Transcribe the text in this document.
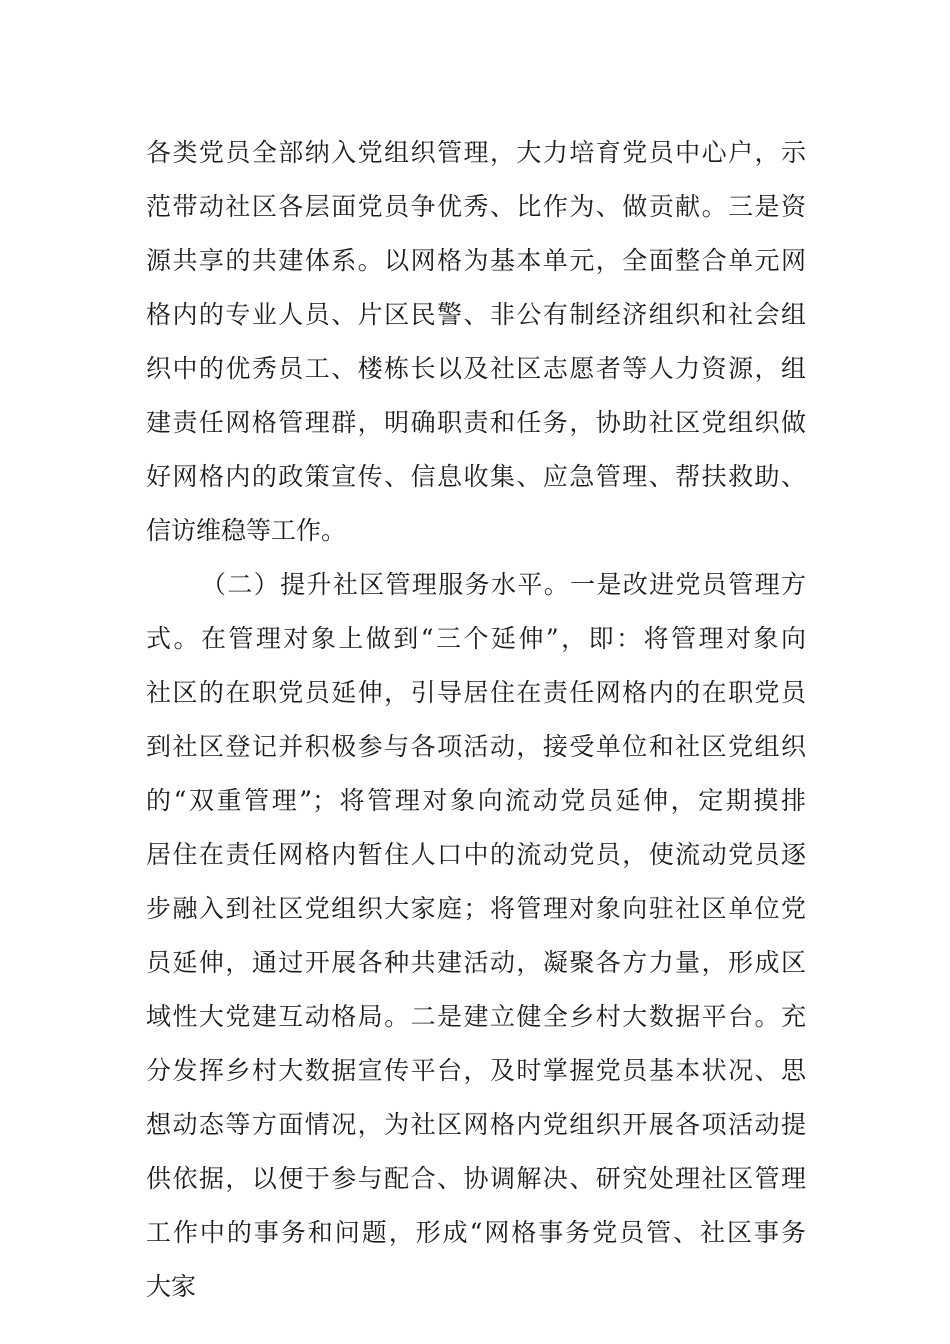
各类党员全部纳入党组织管理，大力培育党员中心户，示
范带动社区各层面党员争优秀、比作为、做贡献。三是资
源共享的共建体系。以网格为基本单元，全面整合单元网
格内的专业人员、片区民警、非公有制经济组织和社会组
织中的优秀员工、楼栋长以及社区志愿者等人力资源，组
建责任网格管理群，明确职责和任务，协助社区党组织做
好网格内的政策宣传、信息收集、应急管理、帮扶救助、
信访维稳等工作。
（二）提升社区管理服务水平。一是改进党员管理方
式。在管理对象上做到“三个延伸”，即：将管理对象向
社区的在职党员延伸，引导居住在责任网格内的在职党员
到社区登记并积极参与各项活动，接受单位和社区党组织
的“双重管理”；将管理对象向流动党员延伸，定期摸排
居住在责任网格内暂住人口中的流动党员，使流动党员逐
步融入到社区党组织大家庭；将管理对象向驻社区单位党
员延伸，通过开展各种共建活动，凝聚各方力量，形成区
域性大党建互动格局。二是建立健全乡村大数据平台。充
分发挥乡村大数据宣传平台，及时掌握党员基本状况、思
想动态等方面情况，为社区网格内党组织开展各项活动提
供依据，以便于参与配合、协调解决、研究处理社区管理
工作中的事务和问题，形成“网格事务党员管、社区事务
大家
